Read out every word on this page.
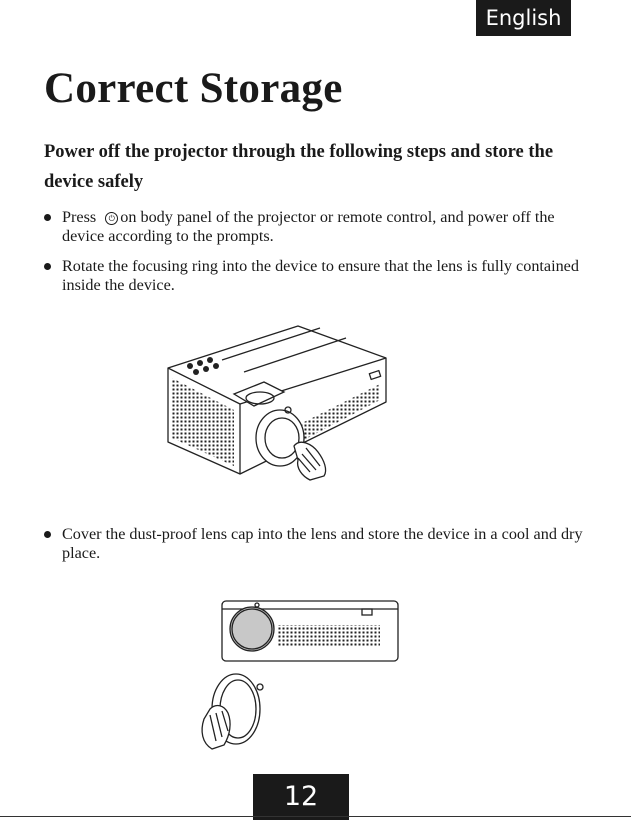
English
Correct Storage

Power off the projector through the following steps and store the device safely

Press ⏻ on body panel of the projector or remote control, and power off the device according to the prompts.
Rotate the focusing ring into the device to ensure that the lens is fully contained inside the device.
Cover the dust-proof lens cap into the lens and store the device in a cool and dry place.
12
